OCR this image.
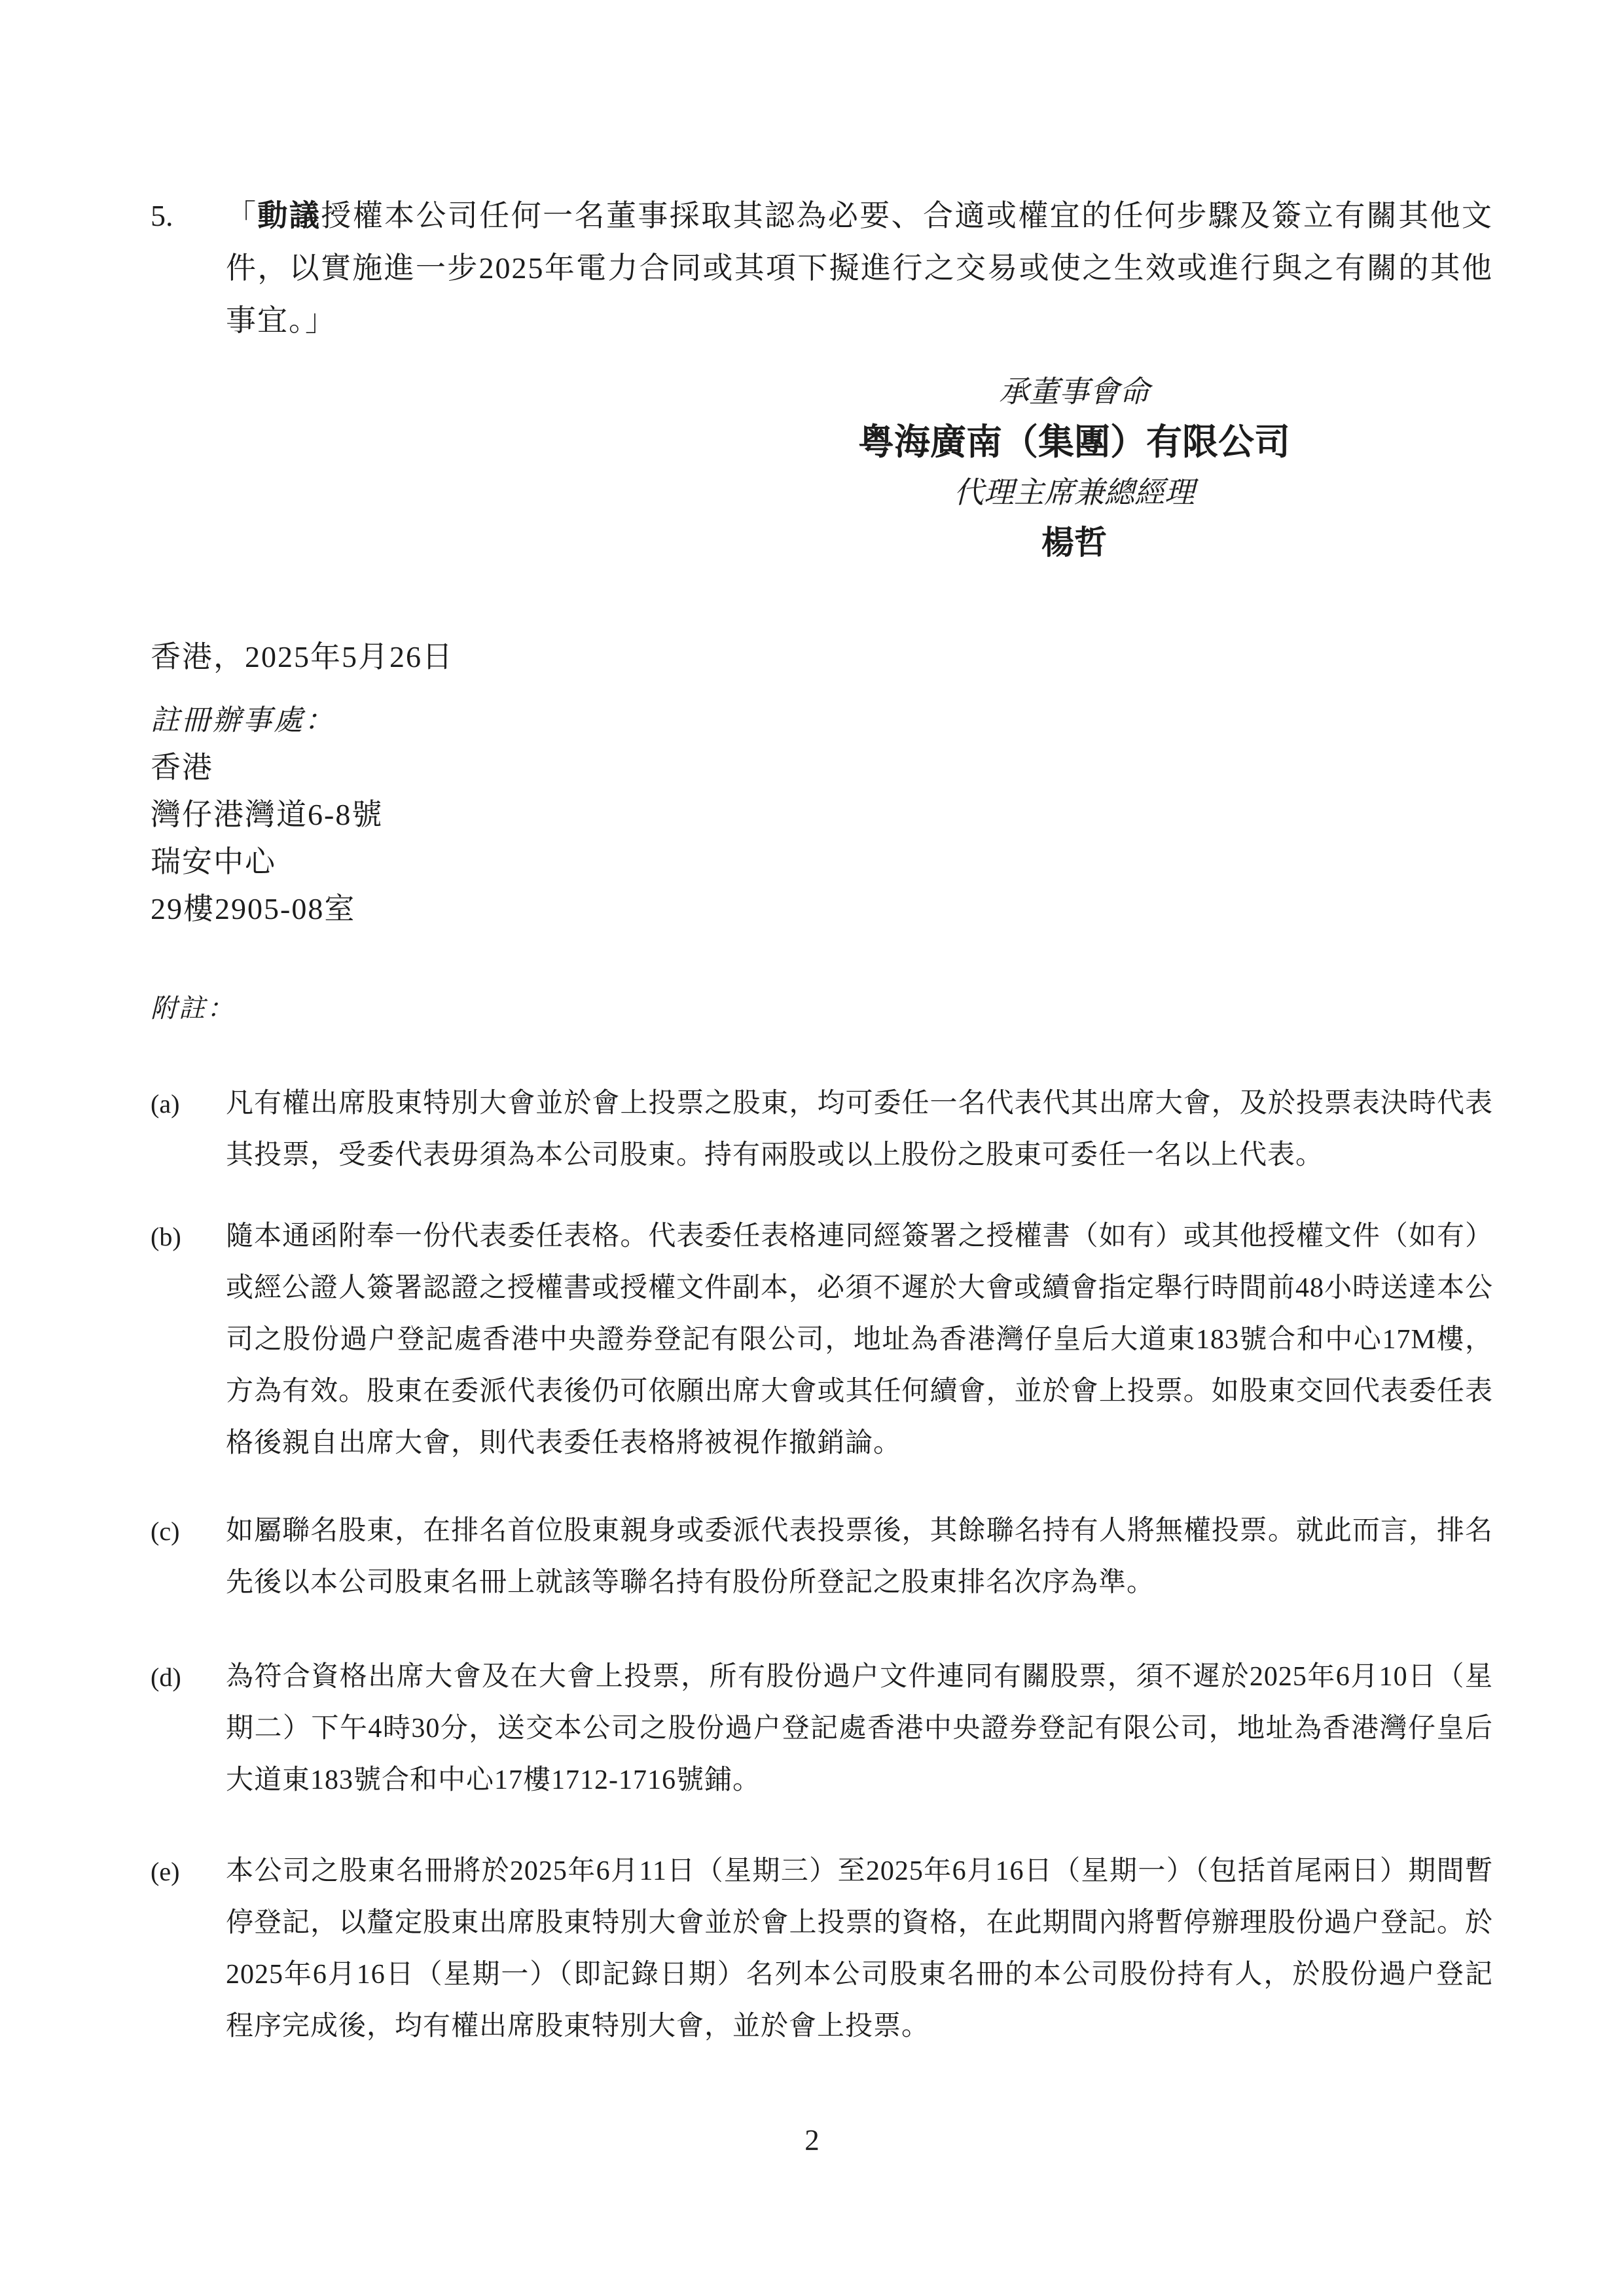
5.	「動議授權本公司任何一名董事採取其認為必要、合適或權宜的任何步驟及簽立有關其他文件，以實施進一步2025年電力合同或其項下擬進行之交易或使之生效或進行與之有關的其他事宜。」
承董事會命
粤海廣南（集團）有限公司
代理主席兼總經理
楊哲
香港，2025年5月26日
註冊辦事處：
香港
灣仔港灣道6-8號
瑞安中心
29樓2905-08室
附註：
(a)	凡有權出席股東特別大會並於會上投票之股東，均可委任一名代表代其出席大會，及於投票表決時代表其投票，受委代表毋須為本公司股東。持有兩股或以上股份之股東可委任一名以上代表。
(b)	隨本通函附奉一份代表委任表格。代表委任表格連同經簽署之授權書（如有）或其他授權文件（如有）或經公證人簽署認證之授權書或授權文件副本，必須不遲於大會或續會指定舉行時間前48小時送達本公司之股份過户登記處香港中央證券登記有限公司，地址為香港灣仔皇后大道東183號合和中心17M樓，方為有效。股東在委派代表後仍可依願出席大會或其任何續會，並於會上投票。如股東交回代表委任表格後親自出席大會，則代表委任表格將被視作撤銷論。
(c)	如屬聯名股東，在排名首位股東親身或委派代表投票後，其餘聯名持有人將無權投票。就此而言，排名先後以本公司股東名冊上就該等聯名持有股份所登記之股東排名次序為準。
(d)	為符合資格出席大會及在大會上投票，所有股份過户文件連同有關股票，須不遲於2025年6月10日（星期二）下午4時30分，送交本公司之股份過户登記處香港中央證券登記有限公司，地址為香港灣仔皇后大道東183號合和中心17樓1712-1716號鋪。
(e)	本公司之股東名冊將於2025年6月11日（星期三）至2025年6月16日（星期一）（包括首尾兩日）期間暫停登記，以釐定股東出席股東特別大會並於會上投票的資格，在此期間內將暫停辦理股份過户登記。於2025年6月16日（星期一）（即記錄日期）名列本公司股東名冊的本公司股份持有人，於股份過户登記程序完成後，均有權出席股東特別大會，並於會上投票。
2
